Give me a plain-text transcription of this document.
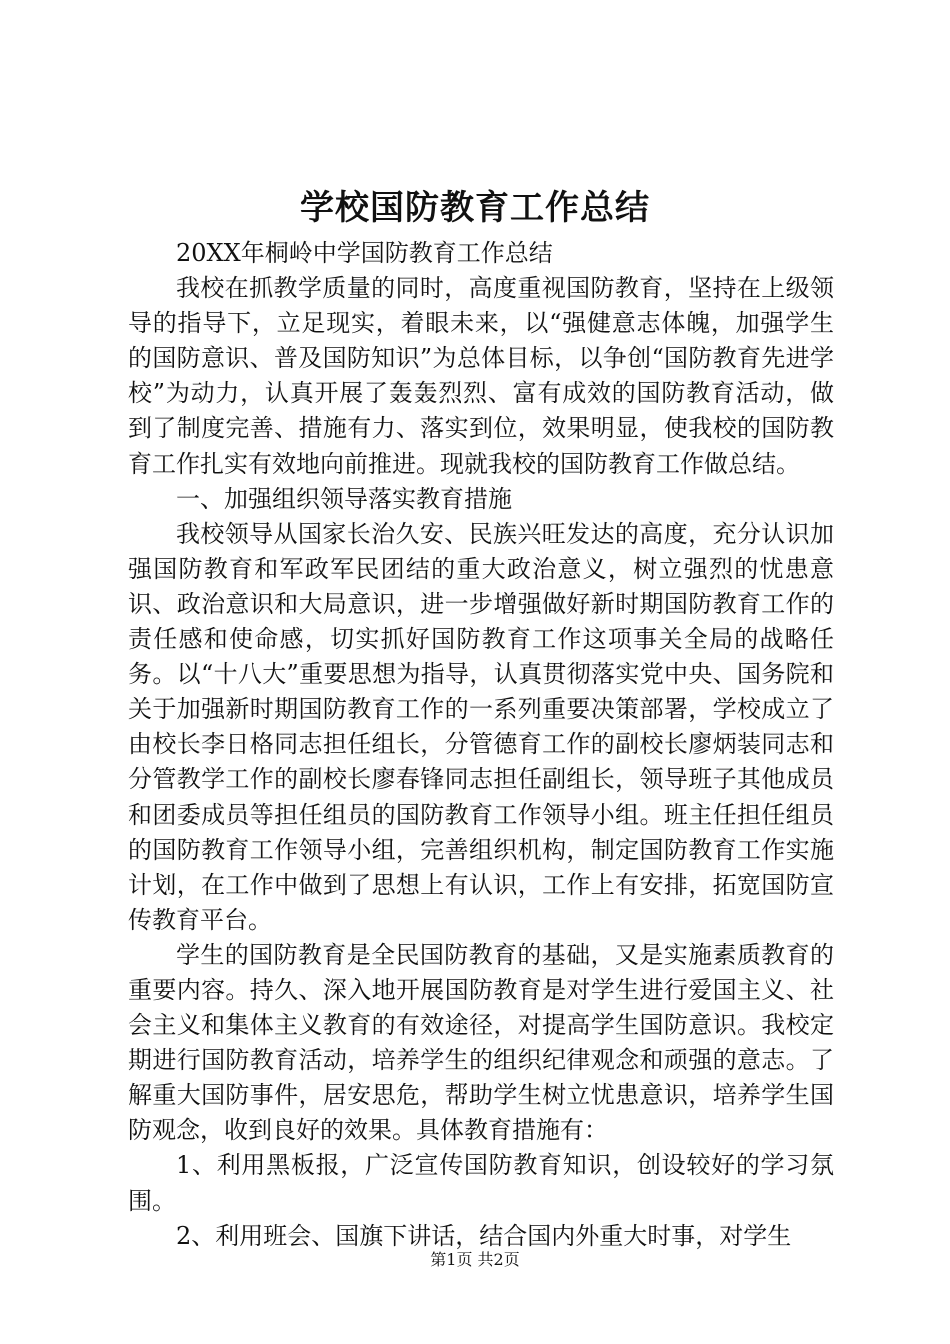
学校国防教育工作总结

20XX年桐岭中学国防教育工作总结

我校在抓教学质量的同时，高度重视国防教育，坚持在上级领导的指导下，立足现实，着眼未来，以“强健意志体魄，加强学生的国防意识、普及国防知识”为总体目标，以争创“国防教育先进学校”为动力，认真开展了轰轰烈烈、富有成效的国防教育活动，做到了制度完善、措施有力、落实到位，效果明显，使我校的国防教育工作扎实有效地向前推进。现就我校的国防教育工作做总结。

一、加强组织领导落实教育措施

我校领导从国家长治久安、民族兴旺发达的高度，充分认识加强国防教育和军政军民团结的重大政治意义，树立强烈的忧患意识、政治意识和大局意识，进一步增强做好新时期国防教育工作的责任感和使命感，切实抓好国防教育工作这项事关全局的战略任务。以“十八大”重要思想为指导，认真贯彻落实党中央、国务院和关于加强新时期国防教育工作的一系列重要决策部署，学校成立了由校长李日格同志担任组长，分管德育工作的副校长廖炳装同志和分管教学工作的副校长廖春锋同志担任副组长，领导班子其他成员和团委成员等担任组员的国防教育工作领导小组。班主任担任组员的国防教育工作领导小组，完善组织机构，制定国防教育工作实施计划，在工作中做到了思想上有认识，工作上有安排，拓宽国防宣传教育平台。

学生的国防教育是全民国防教育的基础，又是实施素质教育的重要内容。持久、深入地开展国防教育是对学生进行爱国主义、社会主义和集体主义教育的有效途径，对提高学生国防意识。我校定期进行国防教育活动，培养学生的组织纪律观念和顽强的意志。了解重大国防事件，居安思危，帮助学生树立忧患意识，培养学生国防观念，收到良好的效果。具体教育措施有：

1、利用黑板报，广泛宣传国防教育知识，创设较好的学习氛围。

2、利用班会、国旗下讲话，结合国内外重大时事，对学生

第1页 共2页
